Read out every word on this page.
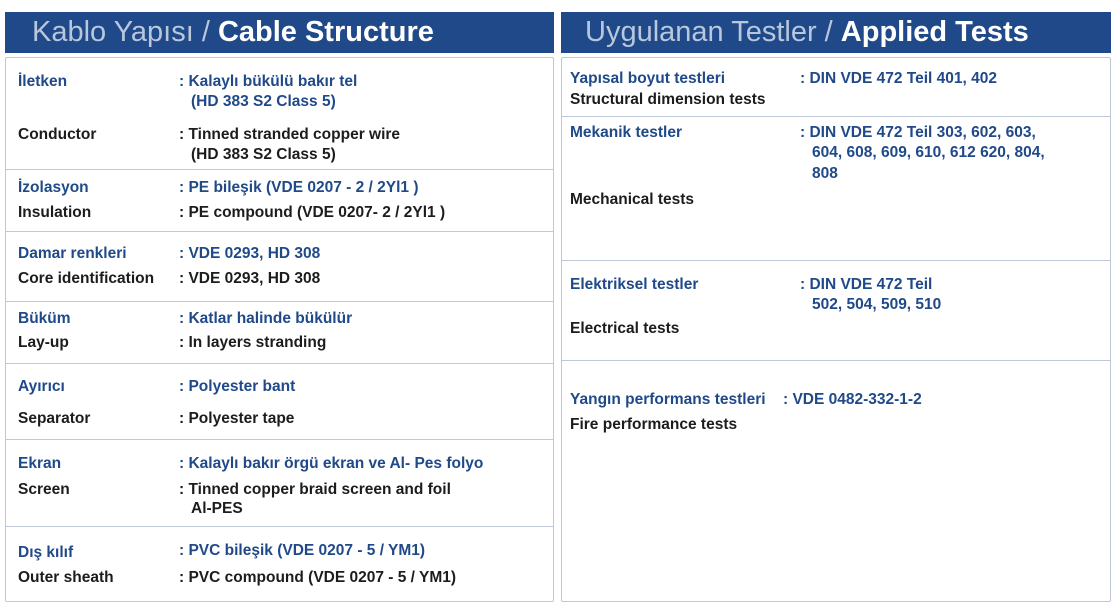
Kablo Yapısı / Cable Structure	Uygulanan Testler / Applied Tests
İletken	: Kalaylı bükülü bakır tel
(HD 383 S2 Class 5)
Conductor	: Tinned stranded copper wire
(HD 383 S2 Class 5)
İzolasyon	: PE bileşik (VDE 0207 - 2 / 2Yl1 )
Insulation	: PE compound (VDE 0207- 2 / 2Yl1 )
Damar renkleri	: VDE 0293, HD 308
Core identification : VDE 0293, HD 308
Büküm	: Katlar halinde bükülür
Lay-up	: In layers stranding
Ayırıcı	: Polyester bant
Separator	: Polyester tape
Ekran	: Kalaylı bakır örgü ekran ve Al- Pes folyo
Screen	: Tinned copper braid screen and foil
Al-PES
Dış kılıf	: PVC bileşik (VDE 0207 - 5 / YM1)
Outer sheath	: PVC compound (VDE 0207 - 5 / YM1)
Yapısal boyut testleri	: DIN VDE 472 Teil 401, 402
Structural dimension tests
Mekanik testler	: DIN VDE 472 Teil 303, 602, 603,
604, 608, 609, 610, 612 620, 804,
808
Mechanical tests
Elektriksel testler	: DIN VDE 472 Teil
502, 504, 509, 510
Electrical tests
Yangın performans testleri : VDE 0482-332-1-2
Fire performance tests
